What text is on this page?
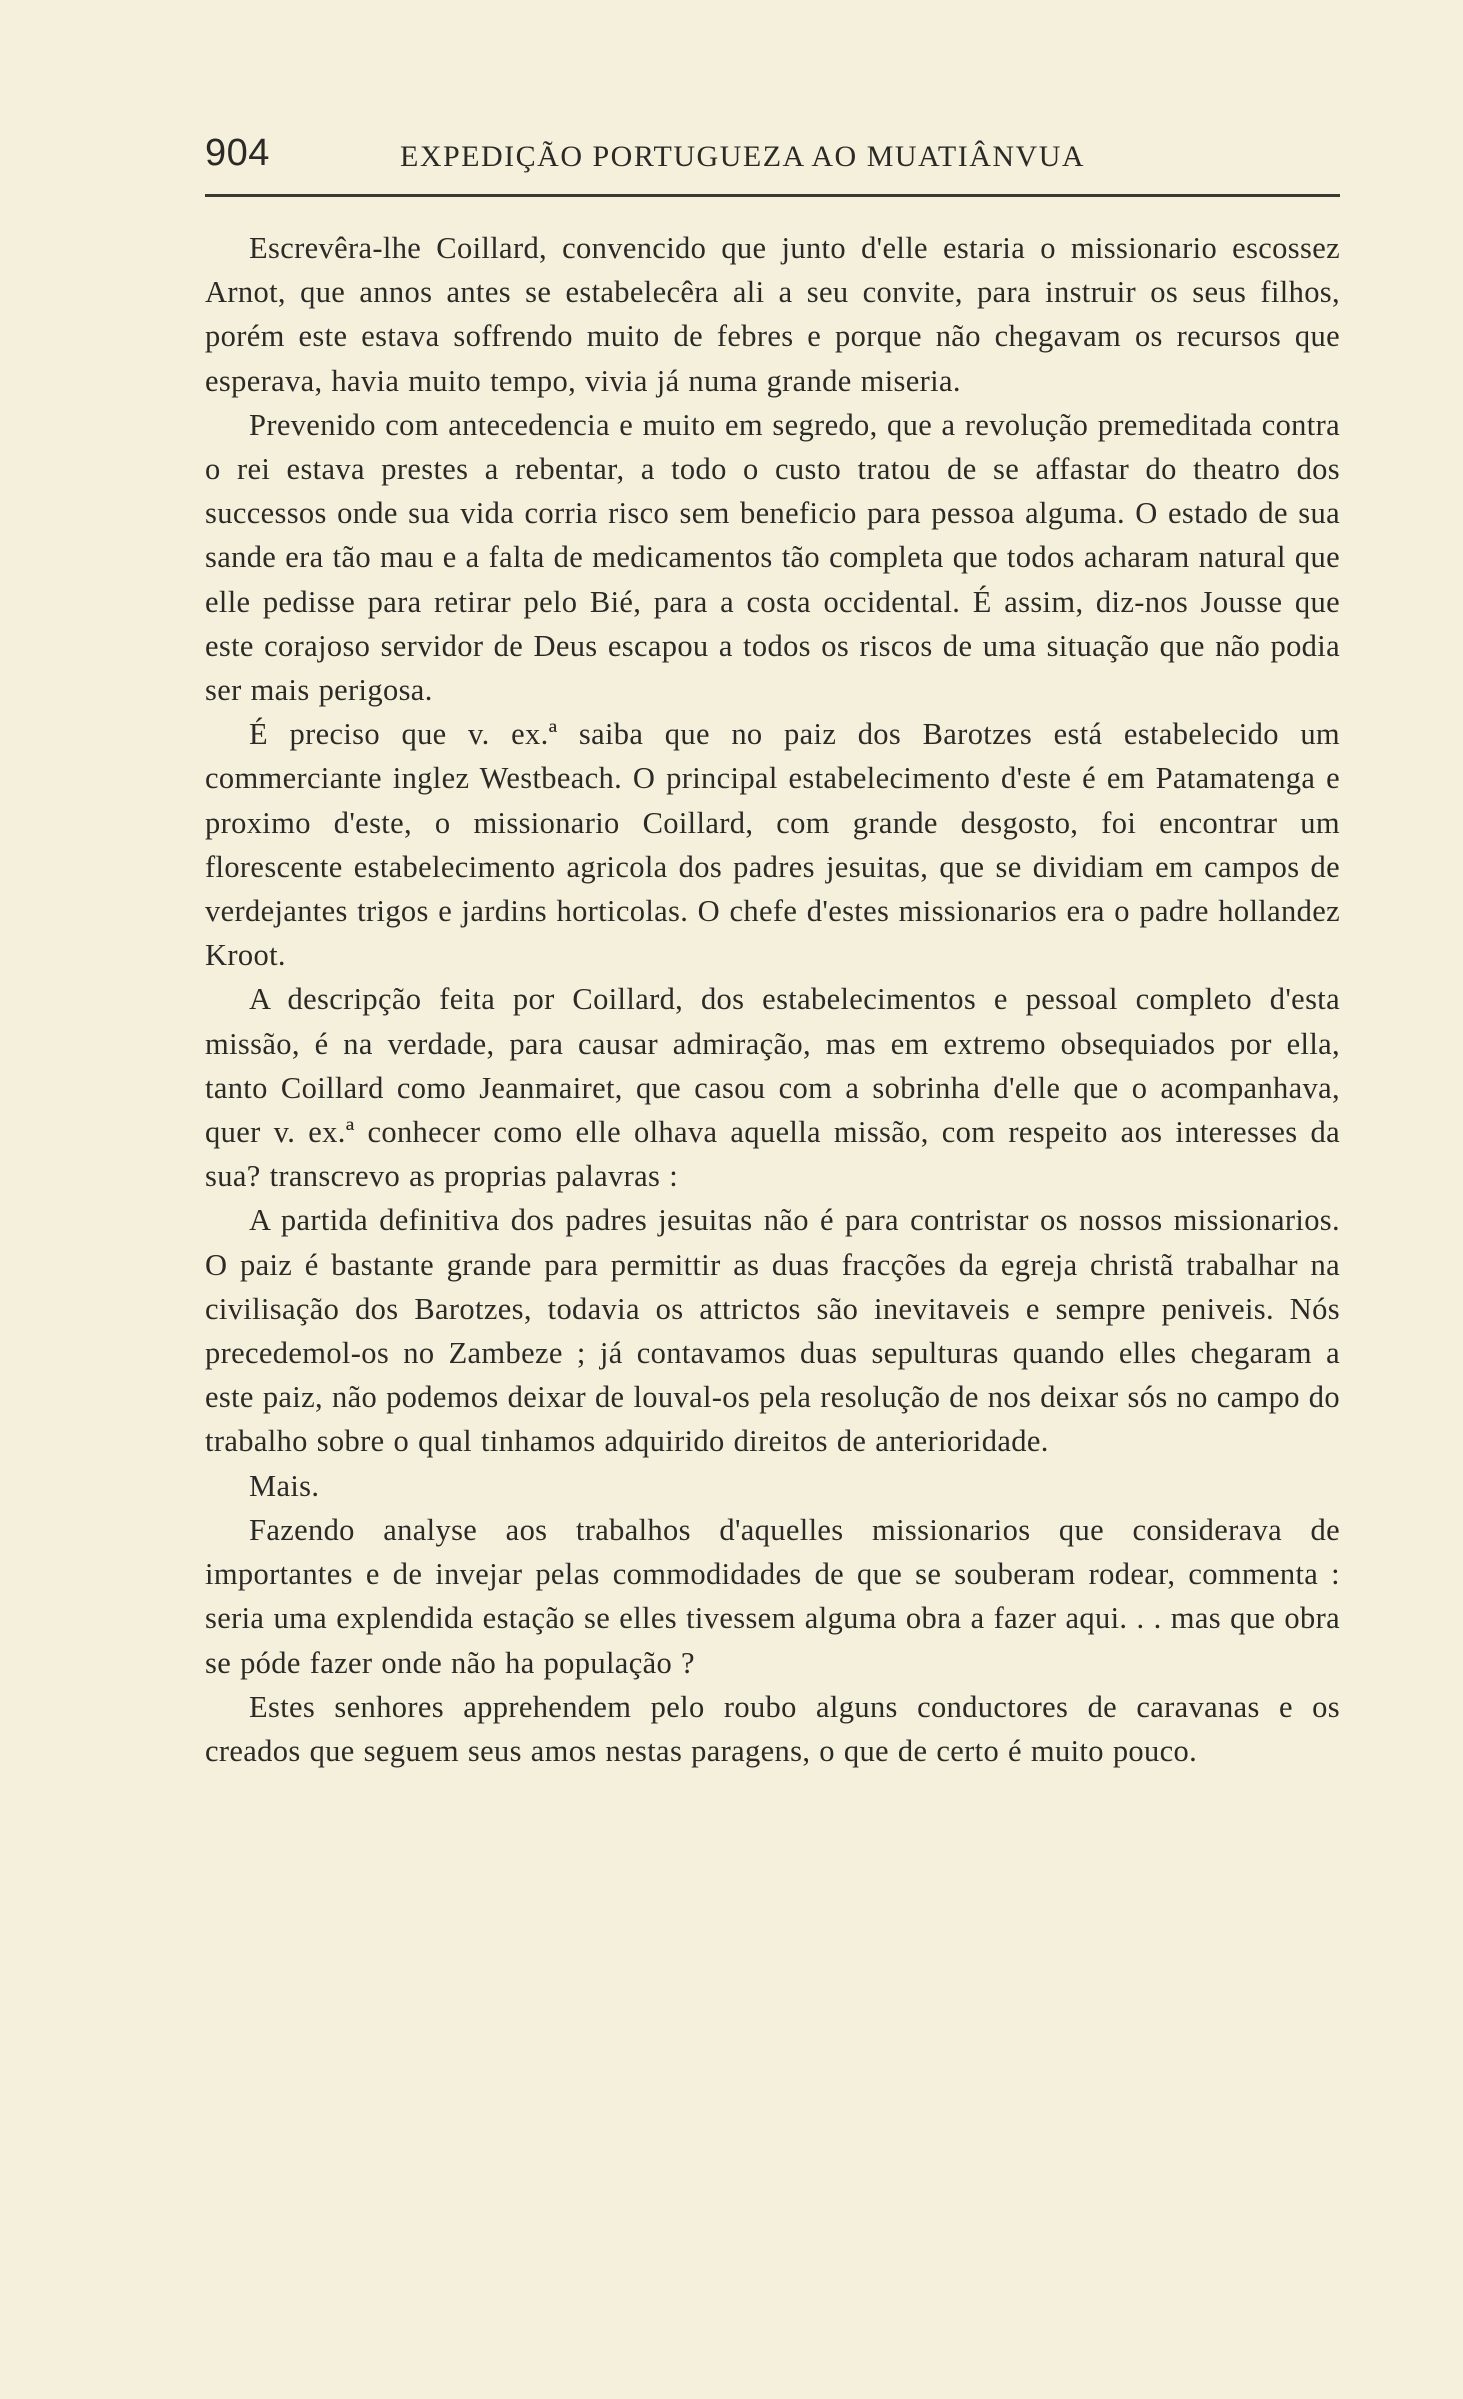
904	EXPEDIÇÃO PORTUGUEZA AO MUATIÂNVUA

Escrevêra-lhe Coillard, convencido que junto d'elle estaria o missionario escossez Arnot, que annos antes se estabelecêra ali a seu convite, para instruir os seus filhos, porém este estava soffrendo muito de febres e porque não chegavam os recursos que esperava, havia muito tempo, vivia já numa grande miseria.

Prevenido com antecedencia e muito em segredo, que a revolução premeditada contra o rei estava prestes a rebentar, a todo o custo tratou de se affastar do theatro dos successos onde sua vida corria risco sem beneficio para pessoa alguma. O estado de sua sande era tão mau e a falta de medicamentos tão completa que todos acharam natural que elle pedisse para retirar pelo Bié, para a costa occidental. É assim, diz-nos Jousse que este corajoso servidor de Deus escapou a todos os riscos de uma situação que não podia ser mais perigosa.

É preciso que v. ex.ª saiba que no paiz dos Barotzes está estabelecido um commerciante inglez Westbeach. O principal estabelecimento d'este é em Patamatenga e proximo d'este, o missionario Coillard, com grande desgosto, foi encontrar um florescente estabelecimento agricola dos padres jesuitas, que se dividiam em campos de verdejantes trigos e jardins horticolas. O chefe d'estes missionarios era o padre hollandez Kroot.

A descripção feita por Coillard, dos estabelecimentos e pessoal completo d'esta missão, é na verdade, para causar admiração, mas em extremo obsequiados por ella, tanto Coillard como Jeanmairet, que casou com a sobrinha d'elle que o acompanhava, quer v. ex.ª conhecer como elle olhava aquella missão, com respeito aos interesses da sua? transcrevo as proprias palavras :

A partida definitiva dos padres jesuitas não é para contristar os nossos missionarios. O paiz é bastante grande para permittir as duas fracções da egreja christã trabalhar na civilisação dos Barotzes, todavia os attrictos são inevitaveis e sempre peniveis. Nós precedemol-os no Zambeze ; já contavamos duas sepulturas quando elles chegaram a este paiz, não podemos deixar de louval-os pela resolução de nos deixar sós no campo do trabalho sobre o qual tinhamos adquirido direitos de anterioridade.

Mais.

Fazendo analyse aos trabalhos d'aquelles missionarios que considerava de importantes e de invejar pelas commodidades de que se souberam rodear, commenta : seria uma explendida estação se elles tivessem alguma obra a fazer aqui. . . mas que obra se póde fazer onde não ha população ?

Estes senhores apprehendem pelo roubo alguns conductores de caravanas e os creados que seguem seus amos nestas paragens, o que de certo é muito pouco.
